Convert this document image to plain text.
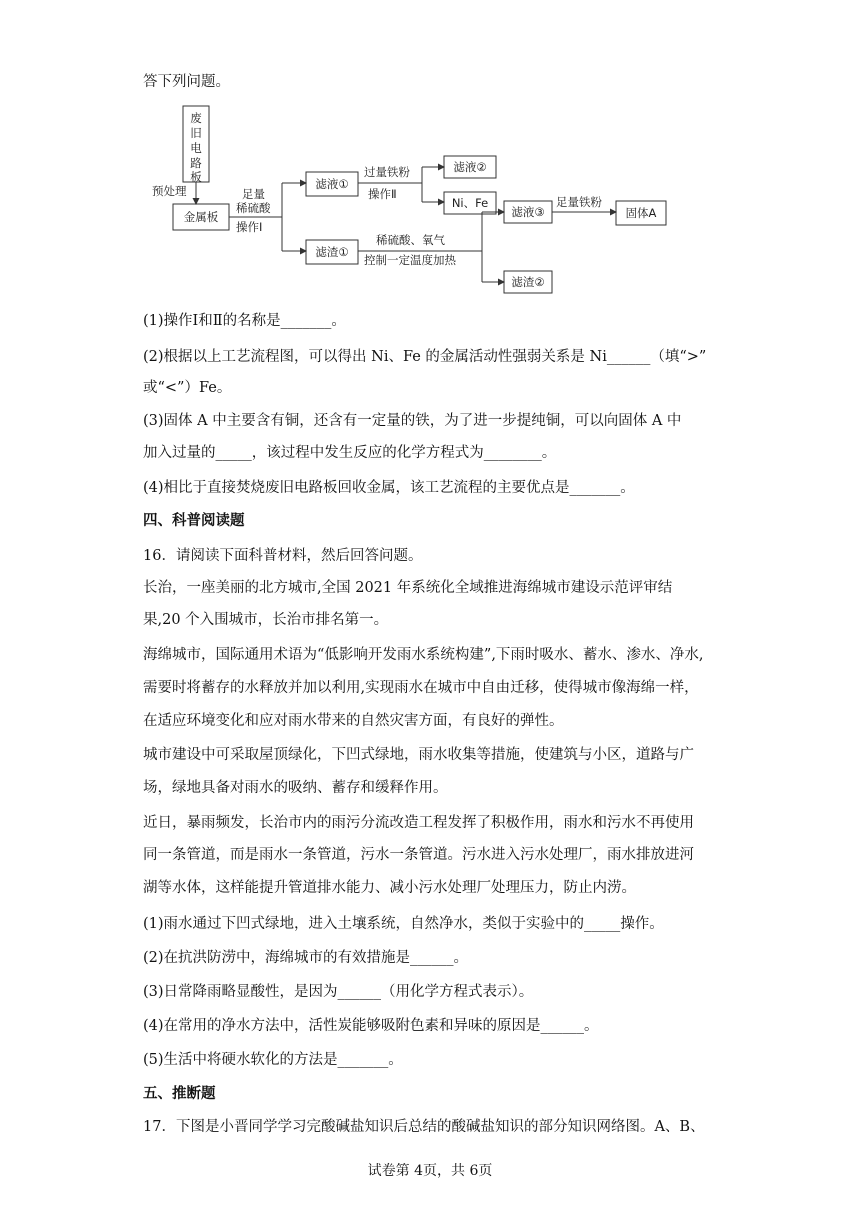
答下列问题。
废
旧
电
路
板
预处理
金属板
足量
稀硫酸
操作Ⅰ
滤液①
过量铁粉
操作Ⅱ
滤液②
Ni、Fe
滤渣①
稀硫酸、氧气
控制一定温度加热
滤液③
足量铁粉
固体A
滤渣②
(1)操作Ⅰ和Ⅱ的名称是_______。
(2)根据以上工艺流程图，可以得出 Ni、Fe 的金属活动性强弱关系是 Ni______（填“>”
或“<”）Fe。
(3)固体 A 中主要含有铜，还含有一定量的铁，为了进一步提纯铜，可以向固体 A 中
加入过量的_____，该过程中发生反应的化学方程式为________。
(4)相比于直接焚烧废旧电路板回收金属，该工艺流程的主要优点是_______。
四、科普阅读题
16．请阅读下面科普材料，然后回答问题。
长治，一座美丽的北方城市,全国 2021 年系统化全域推进海绵城市建设示范评审结
果,20 个入围城市，长治市排名第一。
海绵城市，国际通用术语为“低影响开发雨水系统构建”,下雨时吸水、蓄水、渗水、净水,
需要时将蓄存的水释放并加以利用,实现雨水在城市中自由迁移，使得城市像海绵一样，
在适应环境变化和应对雨水带来的自然灾害方面，有良好的弹性。
城市建设中可采取屋顶绿化，下凹式绿地，雨水收集等措施，使建筑与小区，道路与广
场，绿地具备对雨水的吸纳、蓄存和缓释作用。
近日，暴雨频发，长治市内的雨污分流改造工程发挥了积极作用，雨水和污水不再使用
同一条管道，而是雨水一条管道，污水一条管道。污水进入污水处理厂，雨水排放进河
湖等水体，这样能提升管道排水能力、减小污水处理厂处理压力，防止内涝。
(1)雨水通过下凹式绿地，进入土壤系统，自然净水，类似于实验中的_____操作。
(2)在抗洪防涝中，海绵城市的有效措施是______。
(3)日常降雨略显酸性，是因为______（用化学方程式表示）。
(4)在常用的净水方法中，活性炭能够吸附色素和异味的原因是______。
(5)生活中将硬水软化的方法是_______。
五、推断题
17．下图是小晋同学学习完酸碱盐知识后总结的酸碱盐知识的部分知识网络图。A、B、
试卷第 4页，共 6页
